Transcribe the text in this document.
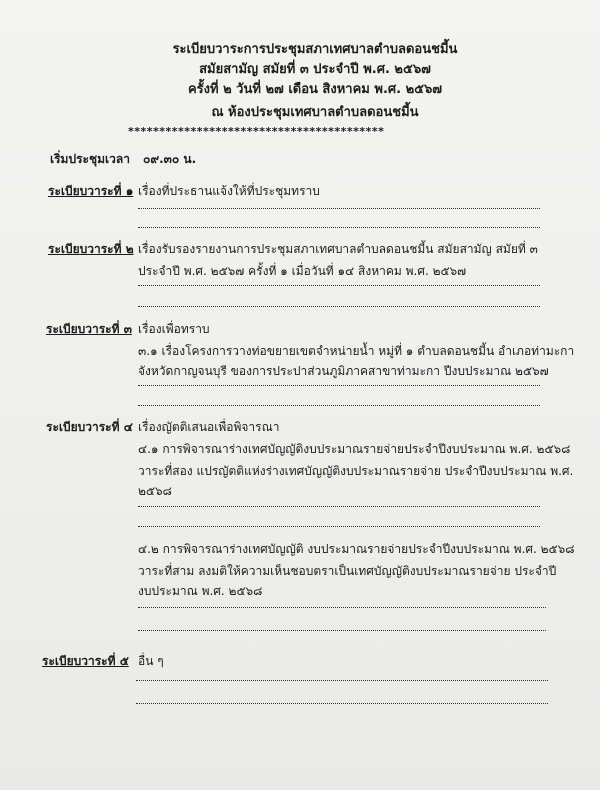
ระเบียบวาระการประชุมสภาเทศบาลตำบลดอนชมี้น
สมัยสามัญ สมัยที่ ๓ ประจำปี พ.ศ. ๒๕๖๗
ครั้งที่ ๒ วันที่ ๒๗ เดือน สิงหาคม พ.ศ. ๒๕๖๗
ณ ห้องประชุมเทศบาลตำบลดอนชมี้น
*****************************************
เริ่มประชุมเวลา ๐๙.๓๐ น.
ระเบียบวาระที่ ๑ เรื่องที่ประธานแจ้งให้ที่ประชุมทราบ
ระเบียบวาระที่ ๒ เรื่องรับรองรายงานการประชุมสภาเทศบาลตำบลดอนชมี้น สมัยสามัญ สมัยที่ ๓
ประจำปี พ.ศ. ๒๕๖๗ ครั้งที่ ๑ เมื่อวันที่ ๑๔ สิงหาคม พ.ศ. ๒๕๖๗
ระเบียบวาระที่ ๓ เรื่องเพื่อทราบ
๓.๑ เรื่องโครงการวางท่อขยายเขตจำหน่ายน้ำ หมู่ที่ ๑ ตำบลดอนชมี้น อำเภอท่ามะกา
จังหวัดกาญจนบุรี ของการประปาส่วนภูมิภาคสาขาท่ามะกา ปีงบประมาณ ๒๕๖๗
ระเบียบวาระที่ ๔ เรื่องญัตติเสนอเพื่อพิจารณา
๔.๑ การพิจารณาร่างเทศบัญญัติงบประมาณรายจ่ายประจำปีงบประมาณ พ.ศ. ๒๕๖๘
วาระที่สอง แปรญัตติแห่งร่างเทศบัญญัติงบประมาณรายจ่าย ประจำปีงบประมาณ พ.ศ.
๒๕๖๘
๔.๒ การพิจารณาร่างเทศบัญญัติ งบประมาณรายจ่ายประจำปีงบประมาณ พ.ศ. ๒๕๖๘
วาระที่สาม ลงมติให้ความเห็นชอบตราเป็นเทศบัญญัติงบประมาณรายจ่าย ประจำปี
งบประมาณ พ.ศ. ๒๕๖๘
ระเบียบวาระที่ ๕ อื่น ๆ
